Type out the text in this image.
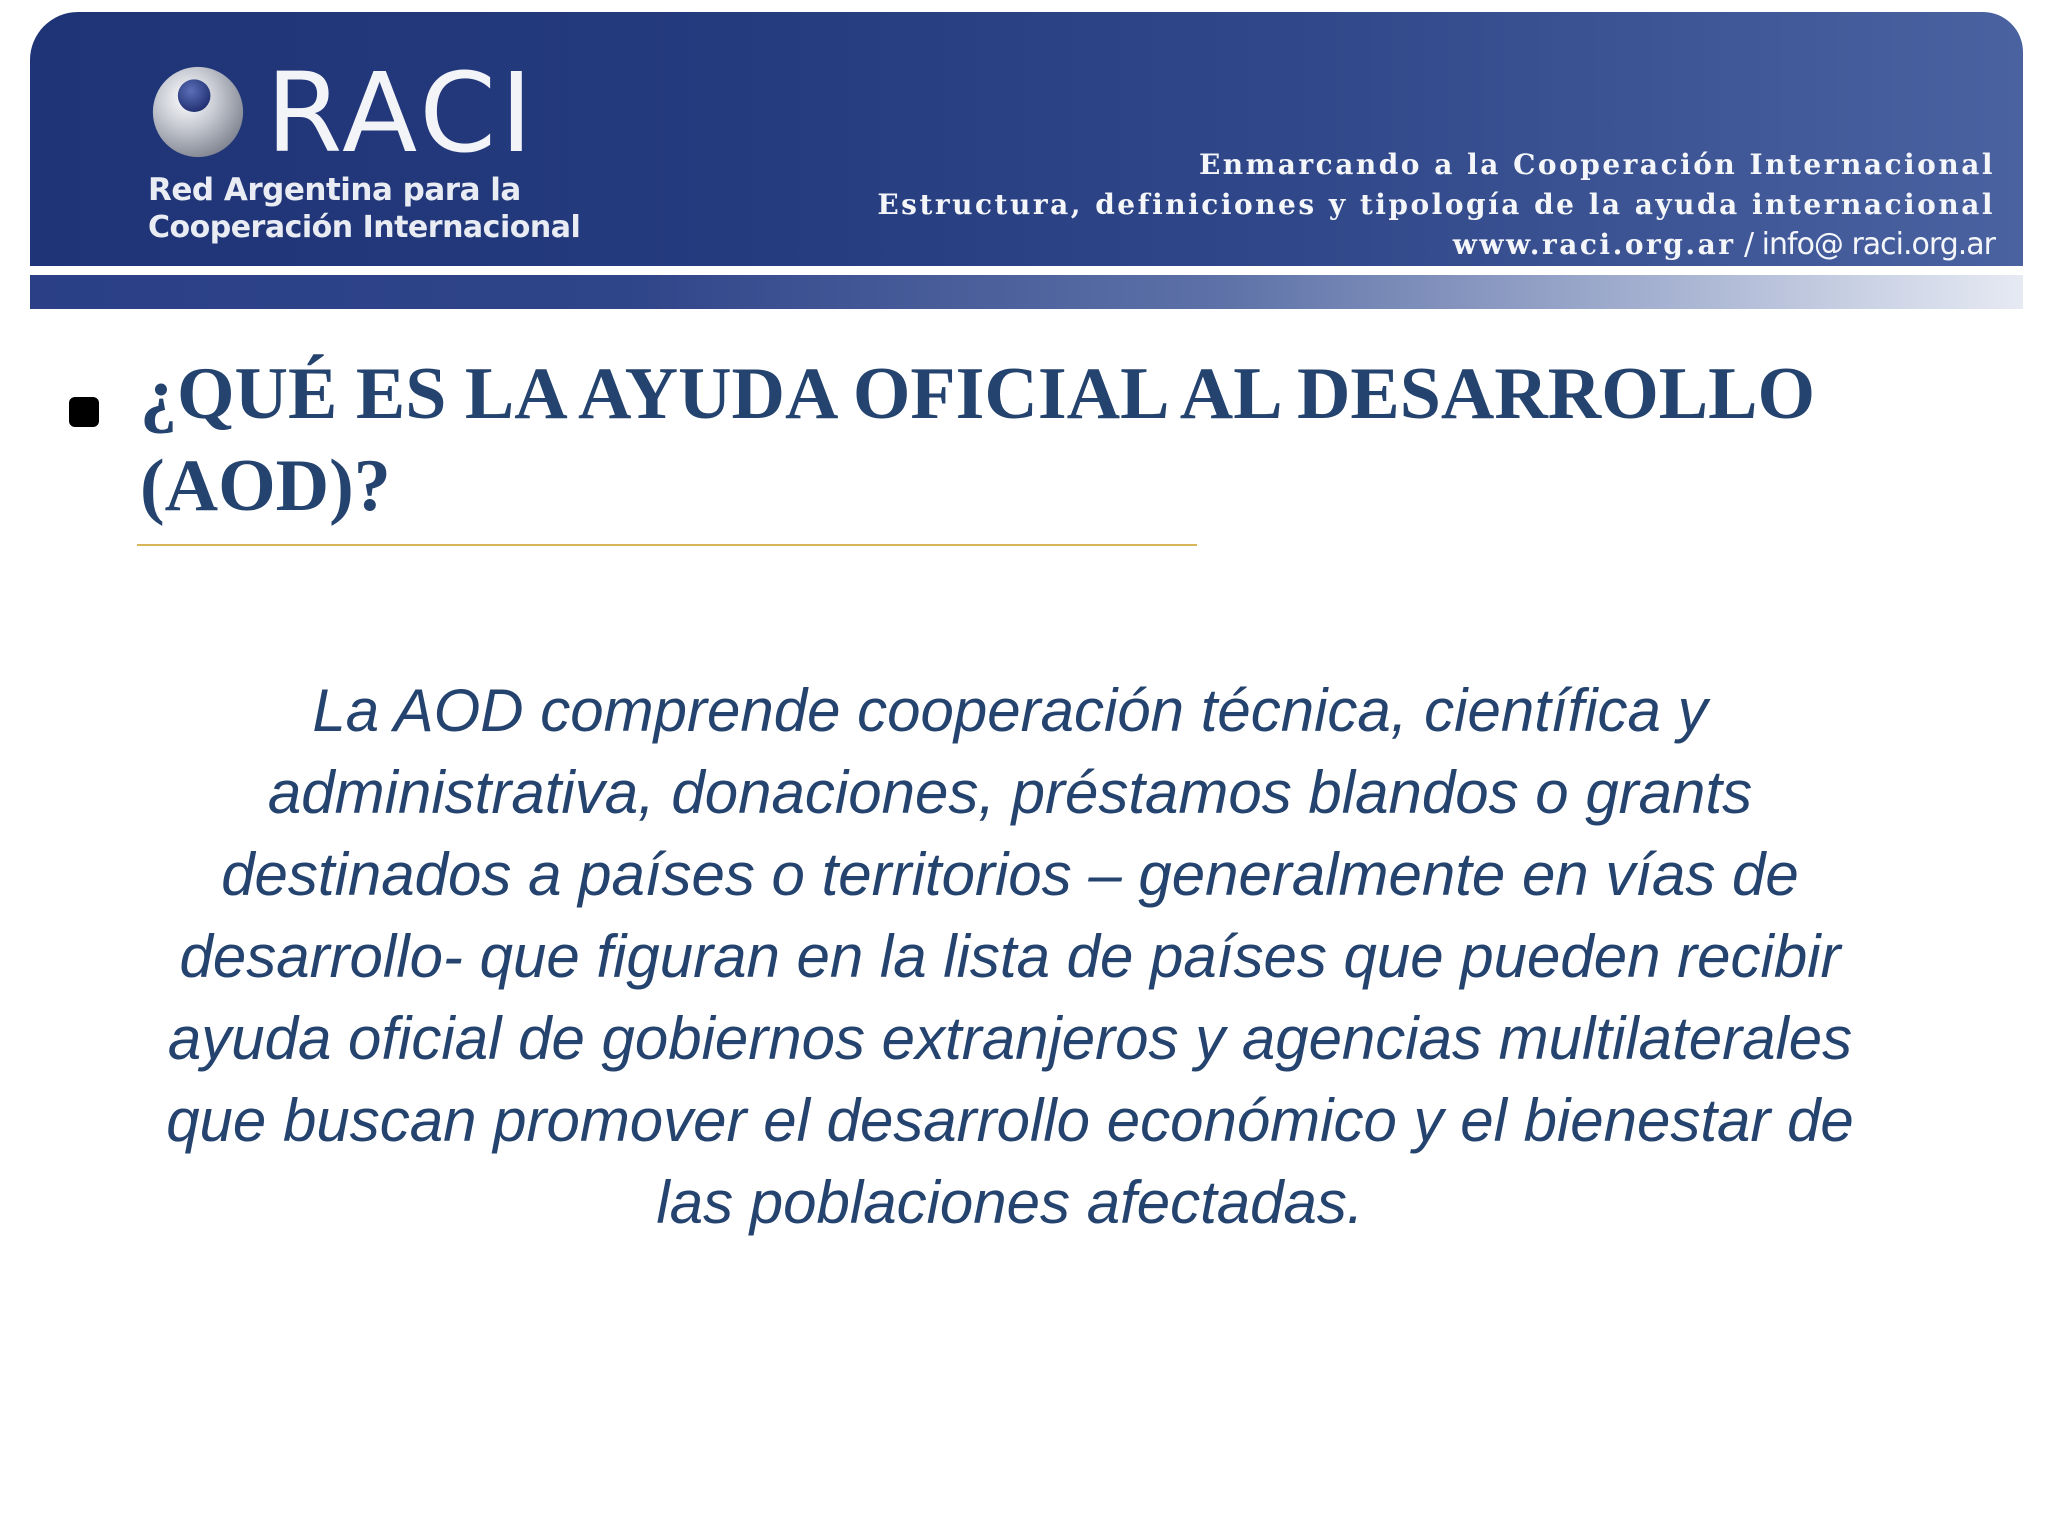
RACI
Red Argentina para la
Cooperación Internacional
Enmarcando a la Cooperación Internacional
Estructura, definiciones y tipología de la ayuda internacional
www.raci.org.ar / info@ raci.org.ar
¿QUÉ ES LA AYUDA OFICIAL AL DESARROLLO (AOD)?

La AOD comprende cooperación técnica, científica y administrativa, donaciones, préstamos blandos o grants destinados a países o territorios – generalmente en vías de desarrollo- que figuran en la lista de países que pueden recibir ayuda oficial de gobiernos extranjeros y agencias multilaterales que buscan promover el desarrollo económico y el bienestar de las poblaciones afectadas.
